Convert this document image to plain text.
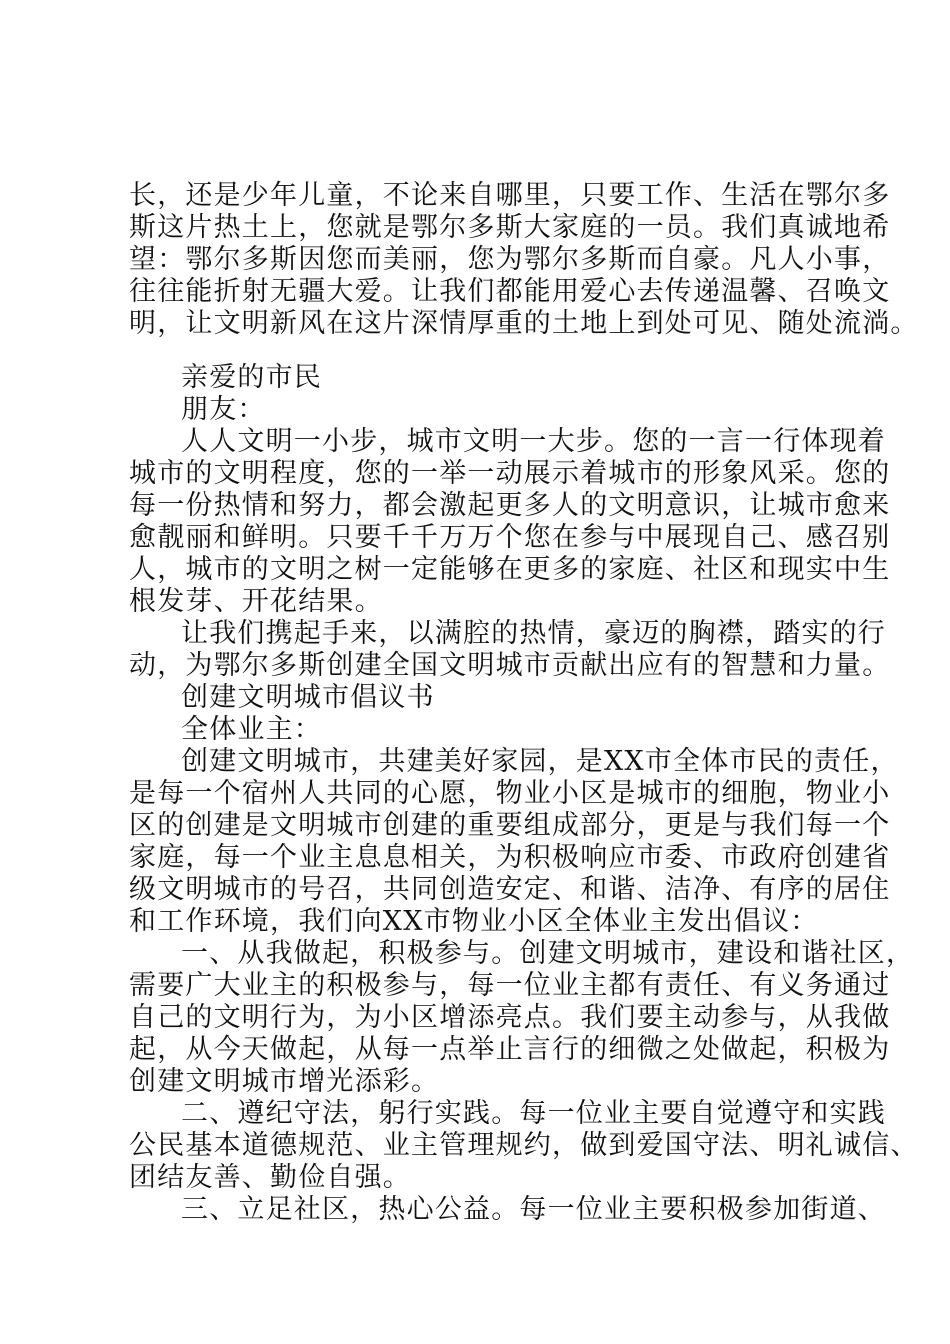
长，还是少年儿童，不论来自哪里，只要工作、生活在鄂尔多
斯这片热土上，您就是鄂尔多斯大家庭的一员。我们真诚地希
望：鄂尔多斯因您而美丽，您为鄂尔多斯而自豪。凡人小事，
往往能折射无疆大爱。让我们都能用爱心去传递温馨、召唤文
明，让文明新风在这片深情厚重的土地上到处可见、随处流淌。
亲爱的市民
朋友：
人人文明一小步，城市文明一大步。您的一言一行体现着
城市的文明程度，您的一举一动展示着城市的形象风采。您的
每一份热情和努力，都会激起更多人的文明意识，让城市愈来
愈靓丽和鲜明。只要千千万万个您在参与中展现自己、感召别
人，城市的文明之树一定能够在更多的家庭、社区和现实中生
根发芽、开花结果。
让我们携起手来，以满腔的热情，豪迈的胸襟，踏实的行
动，为鄂尔多斯创建全国文明城市贡献出应有的智慧和力量。
创建文明城市倡议书
全体业主：
创建文明城市，共建美好家园，是XX市全体市民的责任，
是每一个宿州人共同的心愿，物业小区是城市的细胞，物业小
区的创建是文明城市创建的重要组成部分，更是与我们每一个
家庭，每一个业主息息相关，为积极响应市委、市政府创建省
级文明城市的号召，共同创造安定、和谐、洁净、有序的居住
和工作环境，我们向XX市物业小区全体业主发出倡议：
一、从我做起，积极参与。创建文明城市，建设和谐社区，
需要广大业主的积极参与，每一位业主都有责任、有义务通过
自己的文明行为，为小区增添亮点。我们要主动参与，从我做
起，从今天做起，从每一点举止言行的细微之处做起，积极为
创建文明城市增光添彩。
二、遵纪守法，躬行实践。每一位业主要自觉遵守和实践
公民基本道德规范、业主管理规约，做到爱国守法、明礼诚信、
团结友善、勤俭自强。
三、立足社区，热心公益。每一位业主要积极参加街道、
